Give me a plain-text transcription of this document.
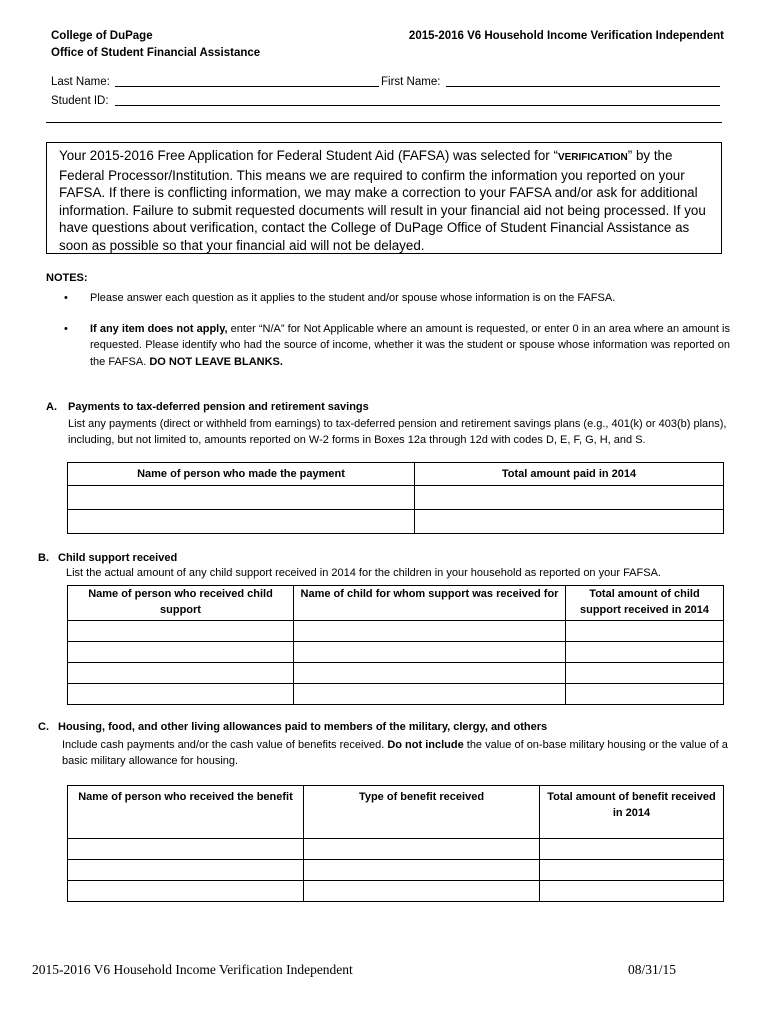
College of DuPage
Office of Student Financial Assistance
2015-2016 V6 Household Income Verification Independent
Last Name:	First Name:
Student ID:
Your 2015-2016 Free Application for Federal Student Aid (FAFSA) was selected for “VERIFICATION” by the Federal Processor/Institution. This means we are required to confirm the information you reported on your FAFSA. If there is conflicting information, we may make a correction to your FAFSA and/or ask for additional information. Failure to submit requested documents will result in your financial aid not being processed. If you have questions about verification, contact the College of DuPage Office of Student Financial Assistance as soon as possible so that your financial aid will not be delayed.
NOTES:
• Please answer each question as it applies to the student and/or spouse whose information is on the FAFSA.
• If any item does not apply, enter “N/A” for Not Applicable where an amount is requested, or enter 0 in an area where an amount is requested. Please identify who had the source of income, whether it was the student or spouse whose information was reported on the FAFSA. DO NOT LEAVE BLANKS.
A. Payments to tax-deferred pension and retirement savings
List any payments (direct or withheld from earnings) to tax-deferred pension and retirement savings plans (e.g., 401(k) or 403(b) plans), including, but not limited to, amounts reported on W-2 forms in Boxes 12a through 12d with codes D, E, F, G, H, and S.
Name of person who made the payment	Total amount paid in 2014

B. Child support received
List the actual amount of any child support received in 2014 for the children in your household as reported on your FAFSA.
Name of person who received child support	Name of child for whom support was received for	Total amount of child support received in 2014

C. Housing, food, and other living allowances paid to members of the military, clergy, and others
Include cash payments and/or the cash value of benefits received. Do not include the value of on-base military housing or the value of a basic military allowance for housing.
Name of person who received the benefit	Type of benefit received	Total amount of benefit received in 2014

2015-2016 V6 Household Income Verification Independent	08/31/15
